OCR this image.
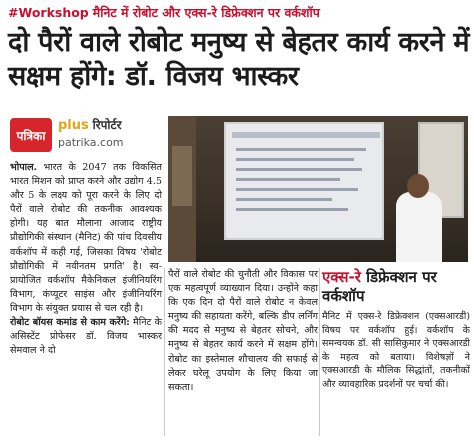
#Workshop मैनिट में रोबोट और एक्स-रे डिफ्रेक्शन पर वर्कशॉप
दो पैरों वाले रोबोट मनुष्य से बेहतर कार्य करने में सक्षम होंगे: डॉ. विजय भास्कर
पत्रिका
plus रिपोर्टर
patrika.com

भोपाल. भारत के 2047 तक विकसित भारत मिशन को प्राप्त करने और उद्योग 4.5 और 5 के लक्ष्य को पूरा करने के लिए दो पैरों वाले रोबोट की तकनीक आवश्यक होगी। यह बात मौलाना आजाद राष्ट्रीय प्रौद्योगिकी संस्थान (मैनिट) की पांच दिवसीय वर्कशॉप में कही गई, जिसका विषय 'रोबोट प्रौद्योगिकी में नवीनतम प्रगति' है। स्व-प्रायोजित वर्कशॉप मैकेनिकल इंजीनियरिंग विभाग, कंप्यूटर साइंस और इंजीनियरिंग विभाग के संयुक्त प्रयास से चल रही है।

रोबोट बॉयस कमांड से काम करेंगे: मैनिट के असिस्टेंट प्रोफेसर डॉ. विजय भास्कर सेमवाल ने दो

पैरों वाले रोबोट की चुनौती और विकास पर एक महत्वपूर्ण व्याख्यान दिया। उन्होंने कहा कि एक दिन दो पैरों वाले रोबोट न केवल मनुष्य की सहायता करेंगे, बल्कि डीप लर्निंग की मदद से मनुष्य से बेहतर सोचने, और मनुष्य से बेहतर कार्य करने में सक्षम होंगे। रोबोट का इस्तेमाल शौचालय की सफाई से लेकर घरेलू उपयोग के लिए किया जा सकता।
एक्स-रे डिफ्रेक्शन पर वर्कशॉप
मैनिट में एक्स-रे डिफ्रेक्शन (एक्सआरडी) विषय पर वर्कशॉप हुई। वर्कशॉप के समन्वयक डॉ. सी सासिकुमार ने एक्सआरडी के महत्व को बताया। विशेषज्ञों ने एक्सआरडी के मौलिक सिद्धांतों, तकनीकों और व्यावहारिक प्रदर्शनों पर चर्चा की।
